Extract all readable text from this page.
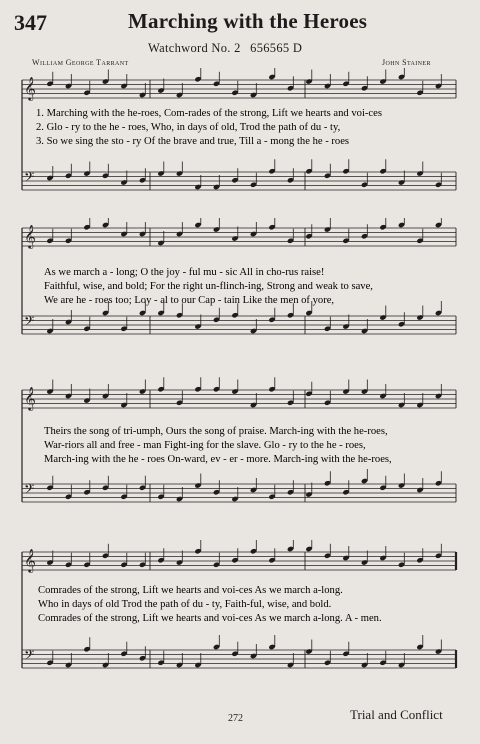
347	Marching with the Heroes
Watchword No. 2 656565 D
William George Tarrant	John Stainer
𝄞
𝄢
1. Marching with the he-roes, Com-rades of the strong, Lift we hearts and voi-ces
2. Glo - ry to the he - roes, Who, in days of old, Trod the path of du - ty,
3. So we sing the sto - ry Of the brave and true, Till a - mong the he - roes
𝄞
𝄢
As we march a - long; O the joy - ful mu - sic All in cho-rus raise!
Faithful, wise, and bold; For the right un-flinch-ing, Strong and weak to save,
We are he - roes too; Loy - al to our Cap - tain Like the men of yore,
𝄞
𝄢
Theirs the song of tri-umph, Ours the song of praise. March-ing with the he-roes,
War-riors all and free - man Fight-ing for the slave. Glo - ry to the he - roes,
March-ing with the he - roes On-ward, ev - er - more. March-ing with the he-roes,
𝄞
𝄢
Comrades of the strong, Lift we hearts and voi-ces As we march a-long.
Who in days of old Trod the path of du - ty, Faith-ful, wise, and bold.
Comrades of the strong, Lift we hearts and voi-ces As we march a-long. A - men.
272	Trial and Conflict
